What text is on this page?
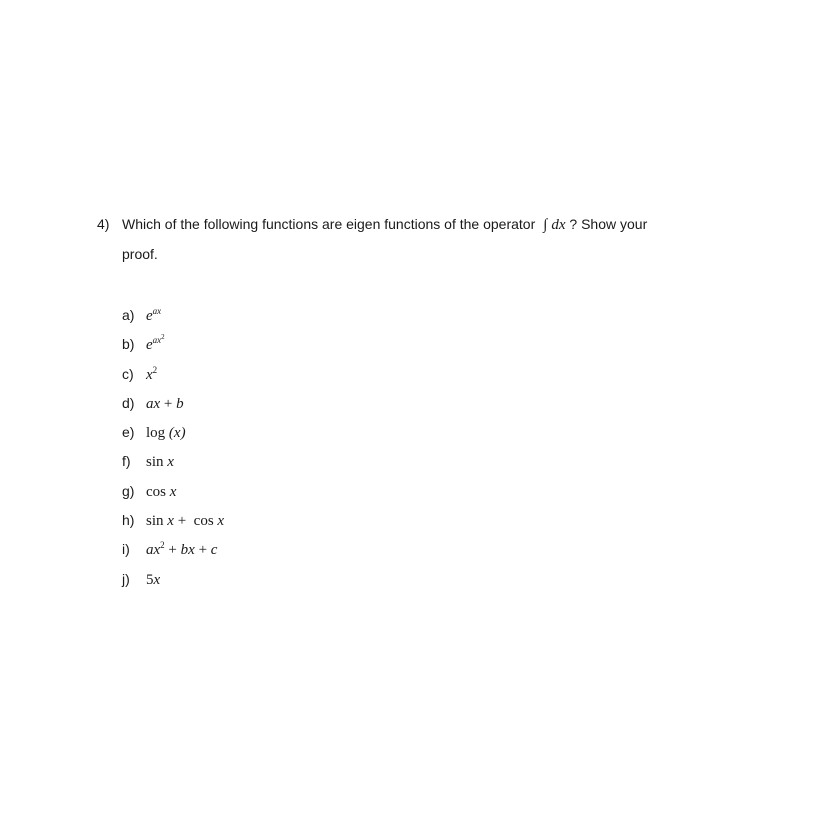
4) Which of the following functions are eigen functions of the operator ∫ dx
? Show your
proof.
a) $e^{ax}$
b) $e^{ax^2}$
c) $x^2$
d) ax + b
e) log (x)
f)	sin x
g) cos x
h) sin x + cos x
i)	$ax^2$ + bx + c
j)	5x
